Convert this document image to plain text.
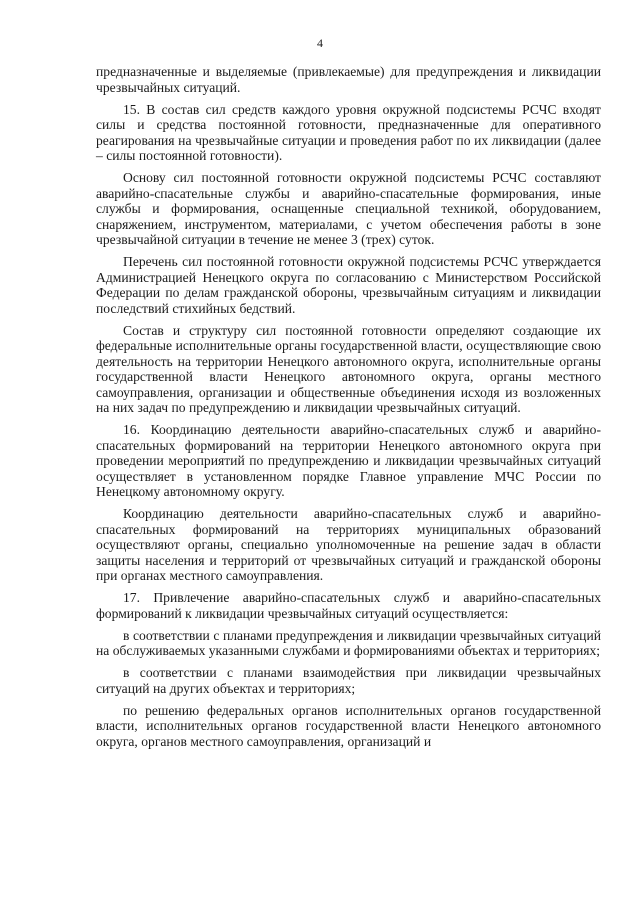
4

предназначенные и выделяемые (привлекаемые) для предупреждения и ликвидации чрезвычайных ситуаций.

15. В состав сил средств каждого уровня окружной подсистемы РСЧС входят силы и средства постоянной готовности, предназначенные для оперативного реагирования на чрезвычайные ситуации и проведения работ по их ликвидации (далее – силы постоянной готовности).

Основу сил постоянной готовности окружной подсистемы РСЧС составляют аварийно-спасательные службы и аварийно-спасательные формирования, иные службы и формирования, оснащенные специальной техникой, оборудованием, снаряжением, инструментом, материалами, с учетом обеспечения работы в зоне чрезвычайной ситуации в течение не менее 3 (трех) суток.

Перечень сил постоянной готовности окружной подсистемы РСЧС утверждается Администрацией Ненецкого округа по согласованию с Министерством Российской Федерации по делам гражданской обороны, чрезвычайным ситуациям и ликвидации последствий стихийных бедствий.

Состав и структуру сил постоянной готовности определяют создающие их федеральные исполнительные органы государственной власти, осуществляющие свою деятельность на территории Ненецкого автономного округа, исполнительные органы государственной власти Ненецкого автономного округа, органы местного самоуправления, организации и общественные объединения исходя из возложенных на них задач по предупреждению и ликвидации чрезвычайных ситуаций.

16. Координацию деятельности аварийно-спасательных служб и аварийно-спасательных формирований на территории Ненецкого автономного округа при проведении мероприятий по предупреждению и ликвидации чрезвычайных ситуаций осуществляет в установленном порядке Главное управление МЧС России по Ненецкому автономному округу.

Координацию деятельности аварийно-спасательных служб и аварийно-спасательных формирований на территориях муниципальных образований осуществляют органы, специально уполномоченные на решение задач в области защиты населения и территорий от чрезвычайных ситуаций и гражданской обороны при органах местного самоуправления.

17. Привлечение аварийно-спасательных служб и аварийно-спасательных формирований к ликвидации чрезвычайных ситуаций осуществляется:

в соответствии с планами предупреждения и ликвидации чрезвычайных ситуаций на обслуживаемых указанными службами и формированиями объектах и территориях;

в соответствии с планами взаимодействия при ликвидации чрезвычайных ситуаций на других объектах и территориях;

по решению федеральных органов исполнительных органов государственной власти, исполнительных органов государственной власти Ненецкого автономного округа, органов местного самоуправления, организаций и
